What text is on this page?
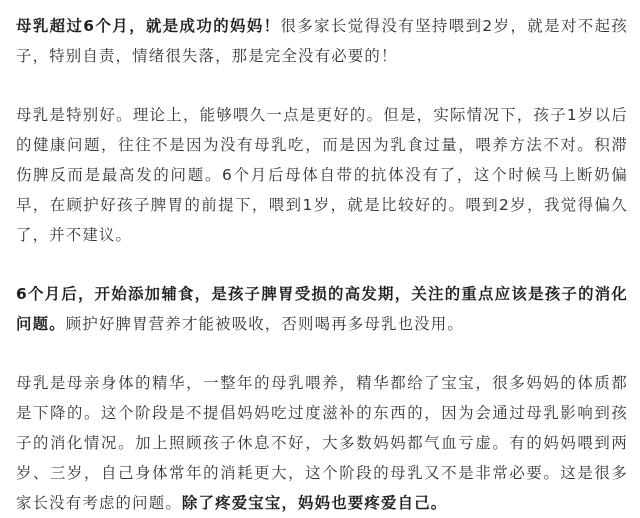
母乳超过6个月，就是成功的妈妈！很多家长觉得没有坚持喂到2岁，就是对不起孩子，特别自责，情绪很失落，那是完全没有必要的！

母乳是特别好。理论上，能够喂久一点是更好的。但是，实际情况下，孩子1岁以后的健康问题，往往不是因为没有母乳吃，而是因为乳食过量，喂养方法不对。积滞伤脾反而是最高发的问题。6个月后母体自带的抗体没有了，这个时候马上断奶偏早，在顾护好孩子脾胃的前提下，喂到1岁，就是比较好的。喂到2岁，我觉得偏久了，并不建议。

6个月后，开始添加辅食，是孩子脾胃受损的高发期，关注的重点应该是孩子的消化问题。顾护好脾胃营养才能被吸收，否则喝再多母乳也没用。

母乳是母亲身体的精华，一整年的母乳喂养，精华都给了宝宝，很多妈妈的体质都是下降的。这个阶段是不提倡妈妈吃过度滋补的东西的，因为会通过母乳影响到孩子的消化情况。加上照顾孩子休息不好，大多数妈妈都气血亏虚。有的妈妈喂到两岁、三岁，自己身体常年的消耗更大，这个阶段的母乳又不是非常必要。这是很多家长没有考虑的问题。除了疼爱宝宝，妈妈也要疼爱自己。
